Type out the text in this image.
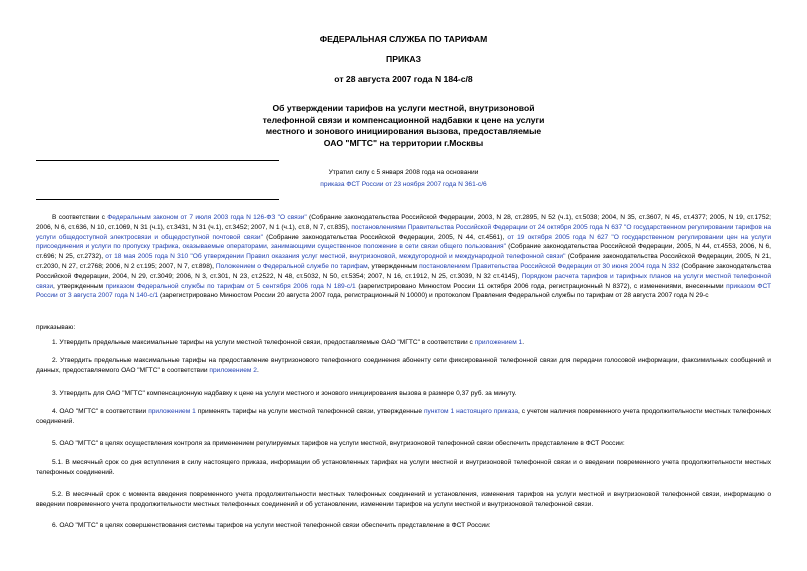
ФЕДЕРАЛЬНАЯ СЛУЖБА ПО ТАРИФАМ
ПРИКАЗ
от 28 августа 2007 года N 184-с/8
Об утверждении тарифов на услуги местной, внутризоновой
телефонной связи и компенсационной надбавки к цене на услуги
местного и зонового инициирования вызова, предоставляемые
ОАО "МГТС" на территории г.Москвы
Утратил силу с 5 января 2008 года на основании
приказа ФСТ России от 23 ноября 2007 года N 361-с/6
В соответствии с Федеральным законом от 7 июля 2003 года N 126-ФЗ "О связи" (Собрание законодательства Российской Федерации, 2003, N 28, ст.2895, N 52 (ч.1), ст.5038; 2004, N 35, ст.3607, N 45, ст.4377; 2005, N 19, ст.1752; 2006, N 6, ст.636, N 10, ст.1069, N 31 (ч.1), ст.3431, N 31 (ч.1), ст.3452; 2007, N 1 (ч.1), ст.8, N 7, ст.835), постановлениями Правительства Российской Федерации от 24 октября 2005 года N 637 "О государственном регулировании тарифов на услуги общедоступной электросвязи и общедоступной почтовой связи" (Собрание законодательства Российской Федерации, 2005, N 44, ст.4561), от 19 октября 2005 года N 627 "О государственном регулировании цен на услуги присоединения и услуги по пропуску трафика, оказываемые операторами, занимающими существенное положение в сети связи общего пользования" (Собрание законодательства Российской Федерации, 2005, N 44, ст.4553, 2006, N 6, ст.696; N 25, ст.2732), от 18 мая 2005 года N 310 "Об утверждении Правил оказания услуг местной, внутризоновой, междугородной и международной телефонной связи" (Собрание законодательства Российской Федерации, 2005, N 21, ст.2030, N 27, ст.2768; 2006, N 2 ст.195; 2007, N 7, ст.898), Положением о Федеральной службе по тарифам, утвержденным постановлением Правительства Российской Федерации от 30 июня 2004 года N 332 (Собрание законодательства Российской Федерации, 2004, N 29, ст.3049; 2006, N 3, ст.301, N 23, ст.2522, N 48, ст.5032, N 50, ст.5354; 2007, N 16, ст.1912, N 25, ст.3039, N 32 ст.4145), Порядком расчета тарифов и тарифных планов на услуги местной телефонной связи, утвержденным приказом Федеральной службы по тарифам от 5 сентября 2006 года N 189-с/1 (зарегистрировано Минюстом России 11 октября 2006 года, регистрационный N 8372), с изменениями, внесенными приказом ФСТ России от 3 августа 2007 года N 140-с/1 (зарегистрировано Минюстом России 20 августа 2007 года, регистрационный N 10000) и протоколом Правления Федеральной службы по тарифам от 28 августа 2007 года N 29-с
приказываю:
1. Утвердить предельные максимальные тарифы на услуги местной телефонной связи, предоставляемые ОАО "МГТС" в соответствии с приложением 1.
2. Утвердить предельные максимальные тарифы на предоставление внутризонового телефонного соединения абоненту сети фиксированной телефонной связи для передачи голосовой информации, факсимильных сообщений и данных, предоставляемого ОАО "МГТС" в соответствии приложением 2.
3. Утвердить для ОАО "МГТС" компенсационную надбавку к цене на услуги местного и зонового инициирования вызова в размере 0,37 руб. за минуту.
4. ОАО "МГТС" в соответствии приложением 1 применять тарифы на услуги местной телефонной связи, утвержденные пунктом 1 настоящего приказа, с учетом наличия повременного учета продолжительности местных телефонных соединений.
5. ОАО "МГТС" в целях осуществления контроля за применением регулируемых тарифов на услуги местной, внутризоновой телефонной связи обеспечить представление в ФСТ России:
5.1. В месячный срок со дня вступления в силу настоящего приказа, информации об установленных тарифах на услуги местной и внутризоновой телефонной связи и о введении повременного учета продолжительности местных телефонных соединений.
5.2. В месячный срок с момента введения повременного учета продолжительности местных телефонных соединений и установления, изменения тарифов на услуги местной и внутризоновой телефонной связи, информацию о введении повременного учета продолжительности местных телефонных соединений и об установлении, изменении тарифов на услуги местной и внутризоновой телефонной связи.
6. ОАО "МГТС" в целях совершенствования системы тарифов на услуги местной телефонной связи обеспечить представление в ФСТ России:
